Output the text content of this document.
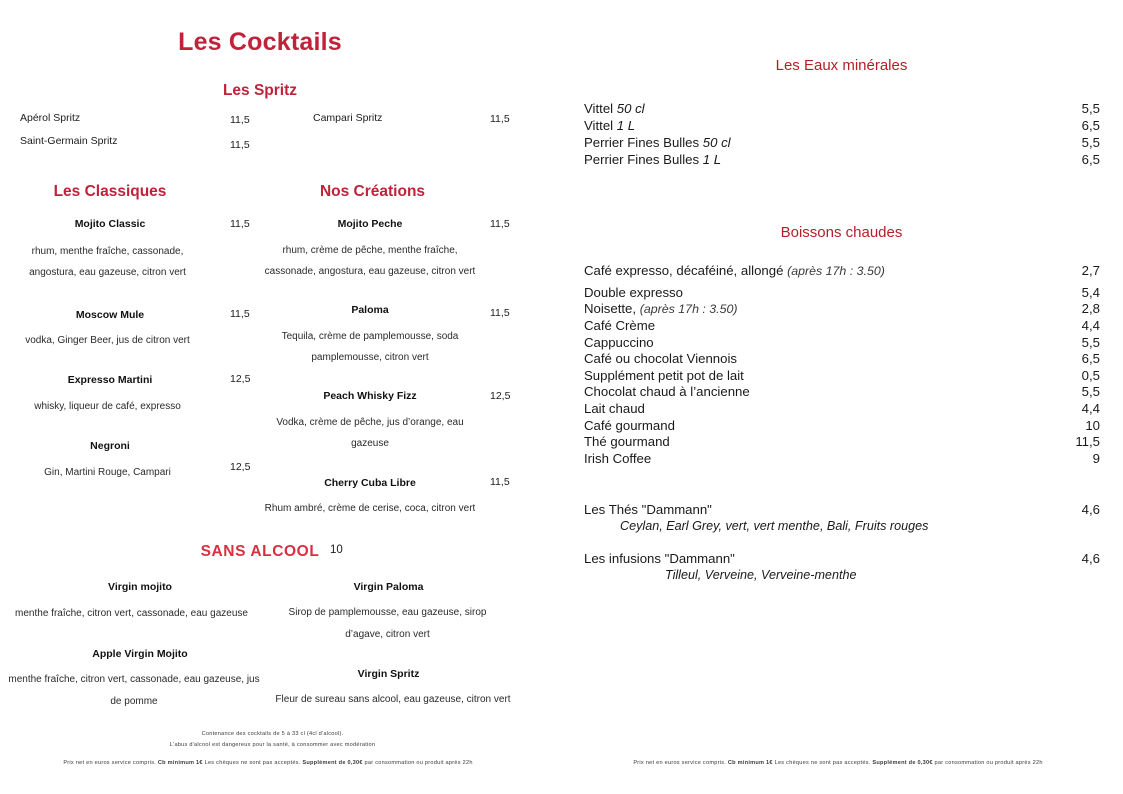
Les Cocktails
Les Spritz
Apérol Spritz	11,5
Saint-Germain Spritz	11,5
Campari Spritz	11,5
Les Classiques
Mojito Classic	11,5
rhum, menthe fraîche, cassonade,
angostura, eau gazeuse, citron vert
Moscow Mule	11,5
vodka, Ginger Beer, jus de citron vert
Expresso Martini	12,5
whisky, liqueur de café, expresso
Negroni
Gin, Martini Rouge, Campari	12,5
Nos Créations
Mojito Peche	11,5
rhum, crème de pêche, menthe fraîche,
cassonade, angostura, eau gazeuse, citron vert
Paloma	11,5
Tequila, crème de pamplemousse, soda
pamplemousse, citron vert
Peach Whisky Fizz	12,5
Vodka, crème de pêche, jus d’orange, eau
gazeuse
Cherry Cuba Libre	11,5
Rhum ambré, crème de cerise, coca, citron vert
SANS ALCOOL 10
Virgin mojito
menthe fraîche, citron vert, cassonade, eau gazeuse
Apple Virgin Mojito
menthe fraîche, citron vert, cassonade, eau gazeuse, jus
de pomme
Virgin Paloma
Sirop de pamplemousse, eau gazeuse, sirop
d’agave, citron vert
Virgin Spritz
Fleur de sureau sans alcool, eau gazeuse, citron vert
Contenance des cocktails de 5 à 33 cl (4cl d'alcool).
L'abus d'alcool est dangereux pour la santé, à consommer avec modération
Prix net en euros service compris. Cb minimum 1€ Les chèques ne sont pas acceptés. Supplément de 0,30€ par consommation ou produit après 22h
Les Eaux minérales
Vittel 50 cl	5,5
Vittel 1 L	6,5
Perrier Fines Bulles 50 cl	5,5
Perrier Fines Bulles 1 L	6,5
Boissons chaudes
Café expresso, décaféiné, allongé (après 17h : 3.50)	2,7
Double expresso	5,4
Noisette, (après 17h : 3.50)	2,8
Café Crème	4,4
Cappuccino	5,5
Café ou chocolat Viennois	6,5
Supplément petit pot de lait	0,5
Chocolat chaud à l’ancienne	5,5
Lait chaud	4,4
Café gourmand	10
Thé gourmand	11,5
Irish Coffee	9
Les Thés "Dammann"	4,6
Ceylan, Earl Grey, vert, vert menthe, Bali, Fruits rouges
Les infusions "Dammann"	4,6
Tilleul, Verveine, Verveine-menthe
Prix net en euros service compris. Cb minimum 1€ Les chèques ne sont pas acceptés. Supplément de 0,30€ par consommation ou produit après 22h
